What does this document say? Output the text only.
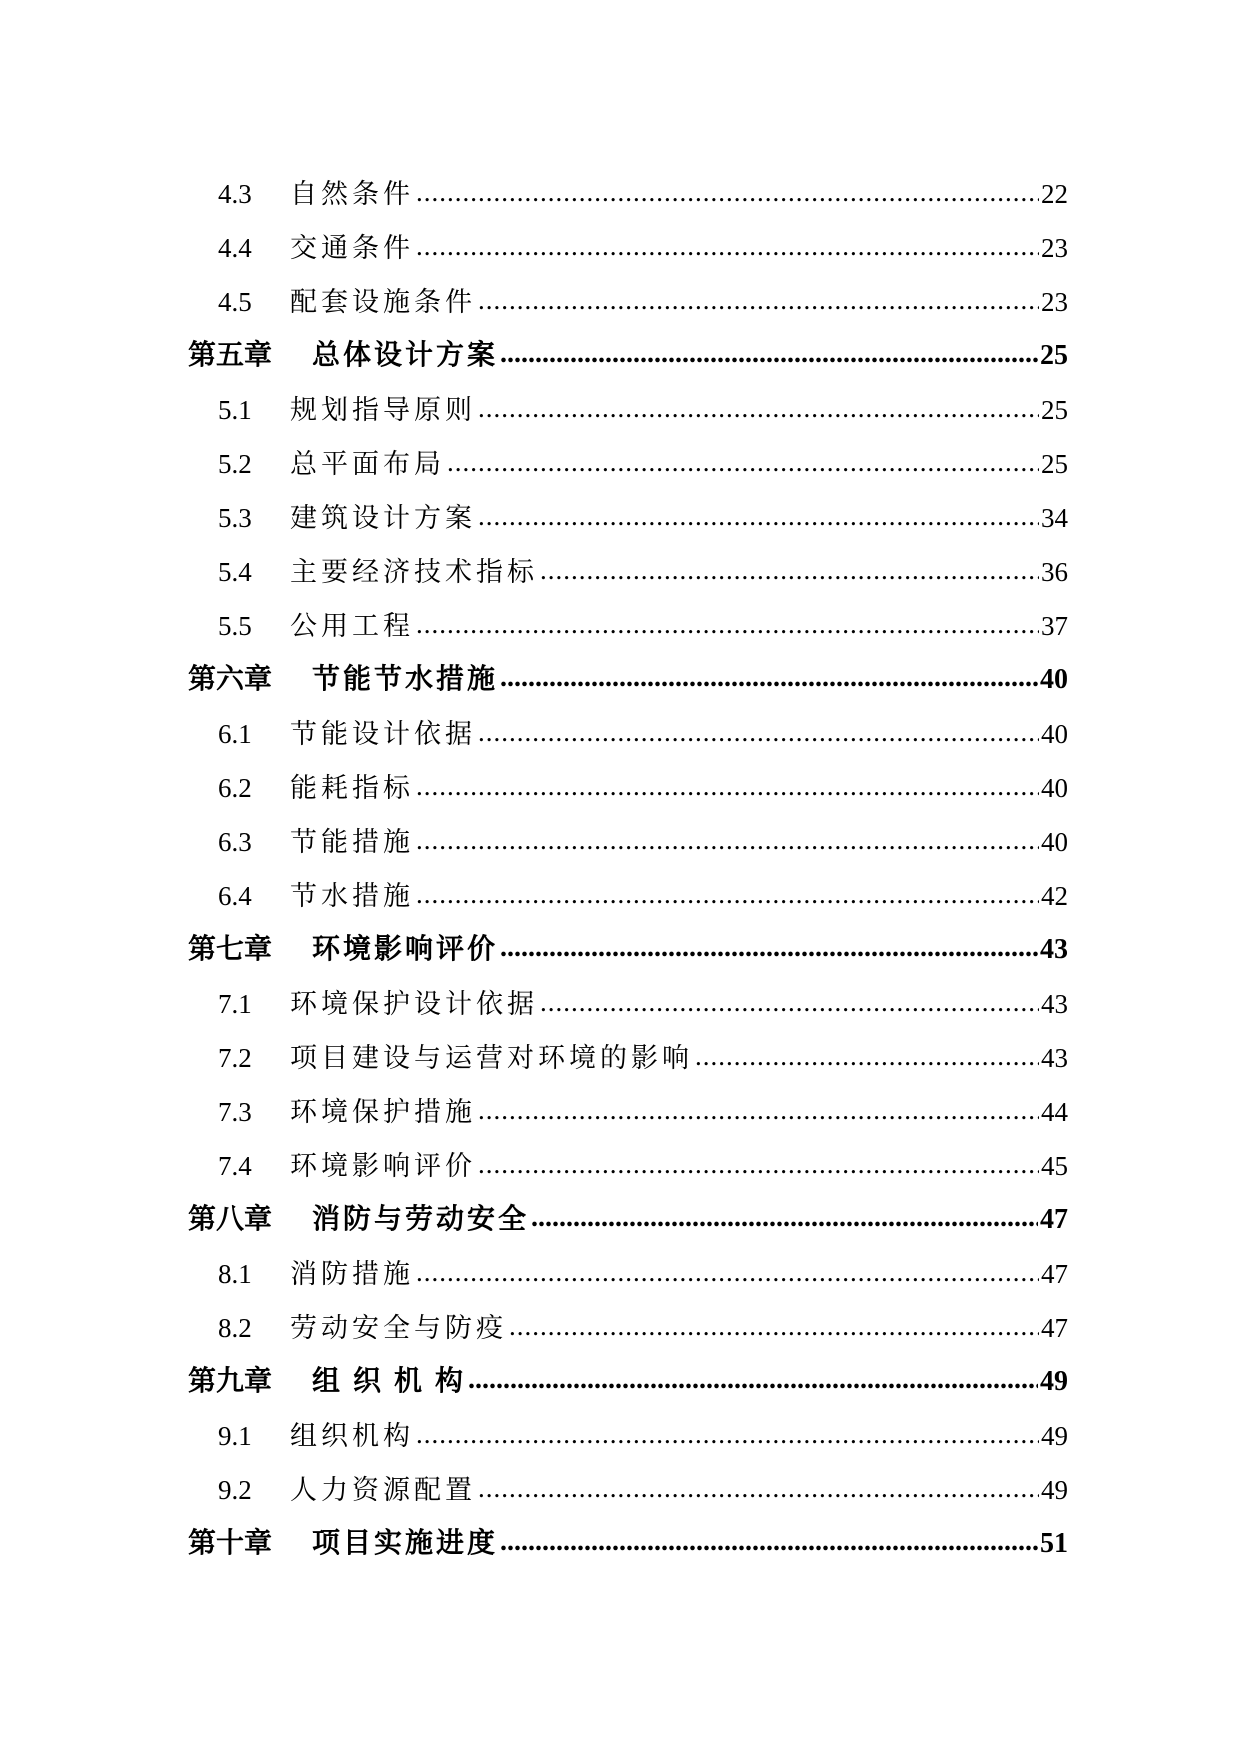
4.3	自然条件 .....	22
4.4	交通条件 .....	23
4.5	配套设施条件 .....	23
第五章	总体设计方案 .....	25
5.1	规划指导原则 .....	25
5.2	总平面布局 .....	25
5.3	建筑设计方案 .....	34
5.4	主要经济技术指标 .....	36
5.5	公用工程 .....	37
第六章	节能节水措施 .....	40
6.1	节能设计依据 .....	40
6.2	能耗指标 .....	40
6.3	节能措施 .....	40
6.4	节水措施 .....	42
第七章	环境影响评价 .....	43
7.1	环境保护设计依据 .....	43
7.2	项目建设与运营对环境的影响 .....	43
7.3	环境保护措施 .....	44
7.4	环境影响评价 .....	45
第八章	消防与劳动安全 .....	47
8.1	消防措施 .....	47
8.2	劳动安全与防疫 .....	47
第九章	组 织 机 构 .....	49
9.1	组织机构 .....	49
9.2	人力资源配置 .....	49
第十章	项目实施进度 .....	51
